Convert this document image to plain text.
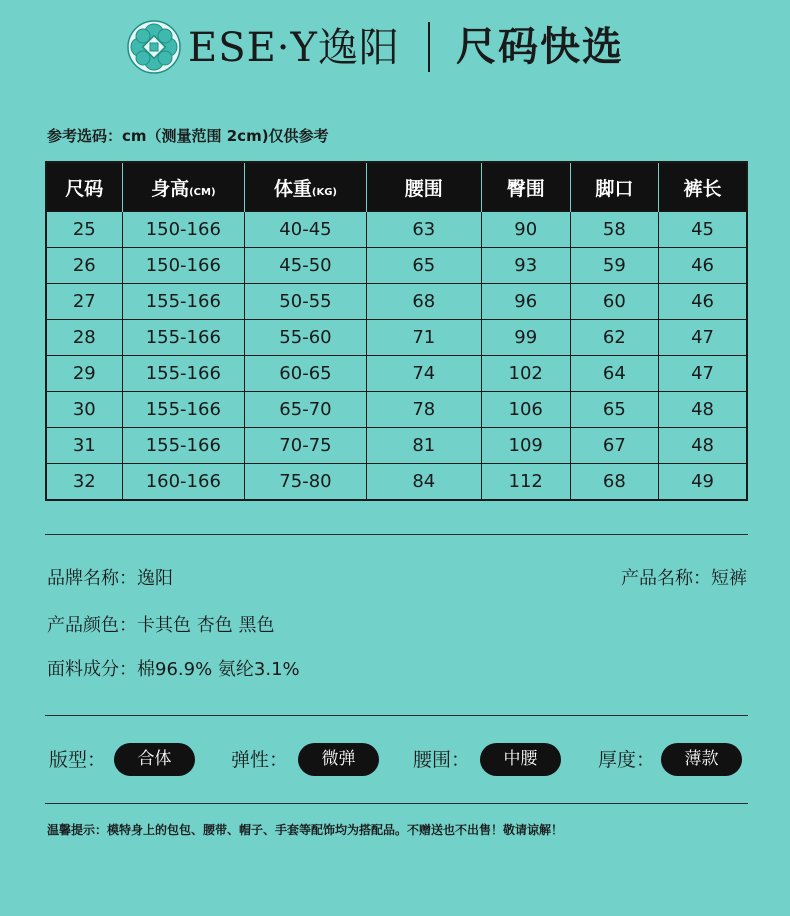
ESE·Y逸阳 尺码快选
参考选码：cm（测量范围 2cm)仅供参考
尺码	身高(CM)	体重(KG)	腰围	臀围	脚口	裤长
25	150-166	40-45	63	90	58	45
26	150-166	45-50	65	93	59	46
27	155-166	50-55	68	96	60	46
28	155-166	55-60	71	99	62	47
29	155-166	60-65	74	102	64	47
30	155-166	65-70	78	106	65	48
31	155-166	70-75	81	109	67	48
32	160-166	75-80	84	112	68	49
品牌名称：逸阳	产品名称：短裤
产品颜色：卡其色 杏色 黑色
面料成分：棉96.9% 氨纶3.1%
版型：	合体	弹性：	微弹	腰围：	中腰	厚度：	薄款
温馨提示：模特身上的包包、腰带、帽子、手套等配饰均为搭配品。不赠送也不出售！敬请谅解！
